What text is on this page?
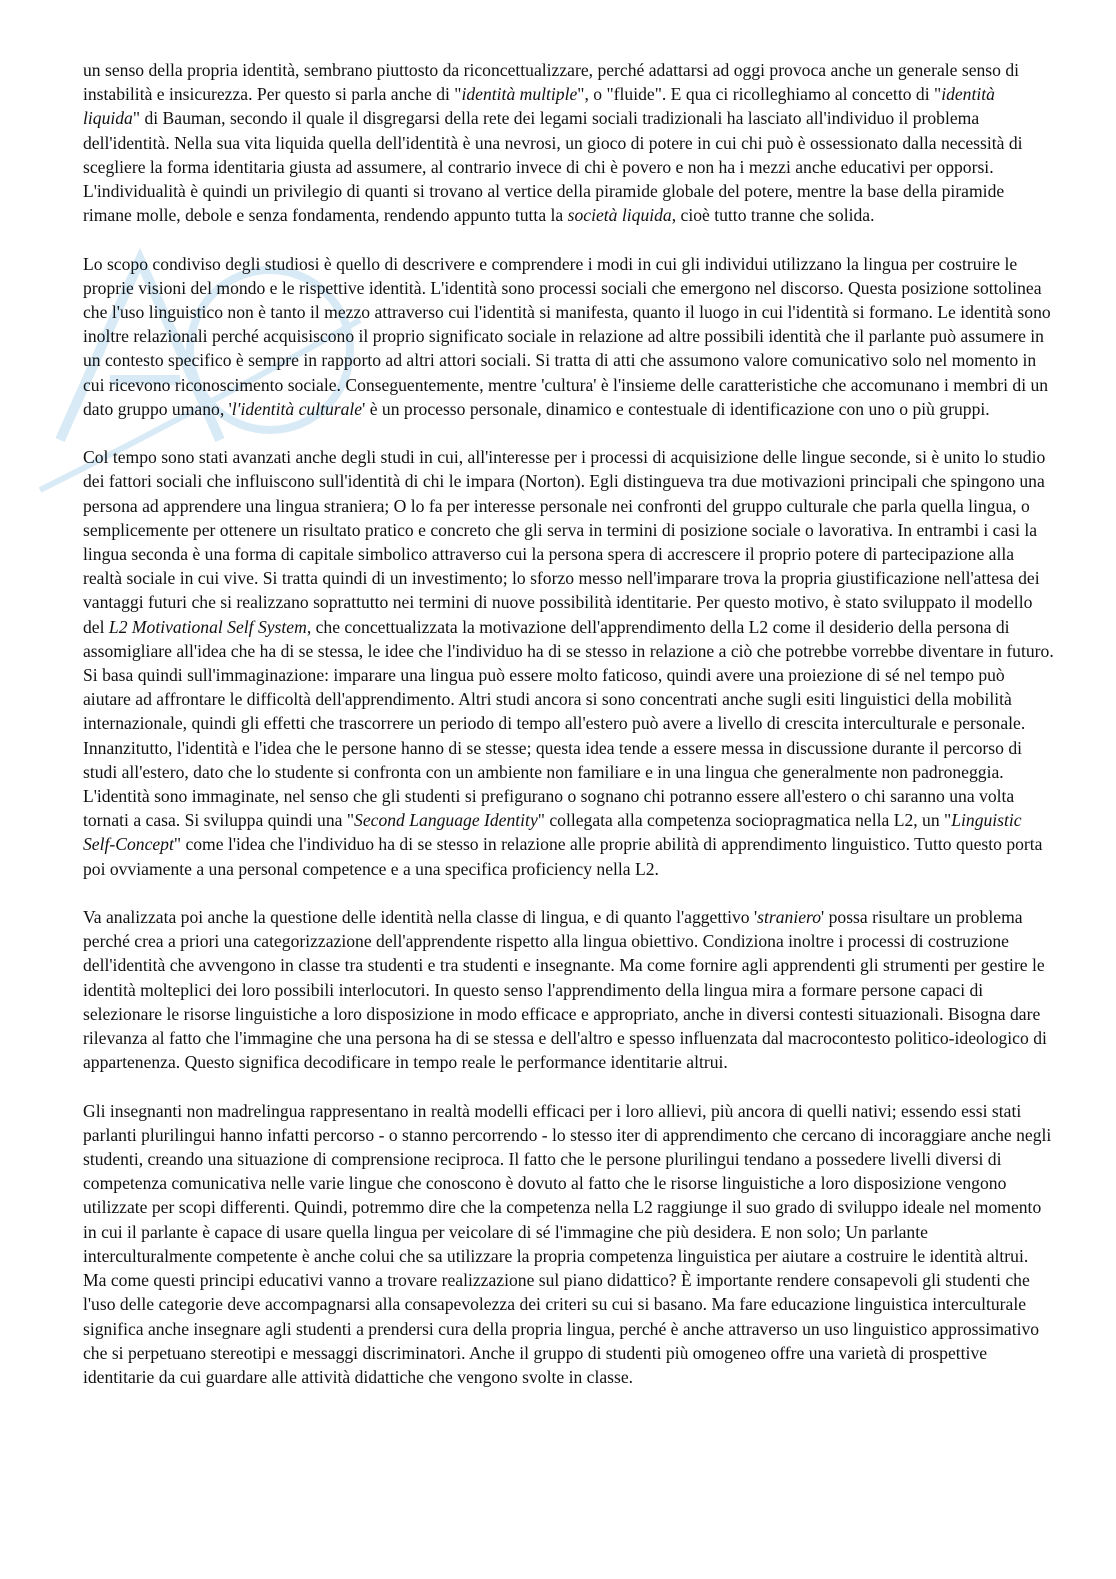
un senso della propria identità, sembrano piuttosto da riconcettualizzare, perché adattarsi ad oggi provoca anche un generale senso di instabilità e insicurezza. Per questo si parla anche di "identità multiple", o "fluide". E qua ci ricolleghiamo al concetto di "identità liquida" di Bauman, secondo il quale il disgregarsi della rete dei legami sociali tradizionali ha lasciato all'individuo il problema dell'identità. Nella sua vita liquida quella dell'identità è una nevrosi, un gioco di potere in cui chi può è ossessionato dalla necessità di scegliere la forma identitaria giusta ad assumere, al contrario invece di chi è povero e non ha i mezzi anche educativi per opporsi. L'individualità è quindi un privilegio di quanti si trovano al vertice della piramide globale del potere, mentre la base della piramide rimane molle, debole e senza fondamenta, rendendo appunto tutta la società liquida, cioè tutto tranne che solida.

Lo scopo condiviso degli studiosi è quello di descrivere e comprendere i modi in cui gli individui utilizzano la lingua per costruire le proprie visioni del mondo e le rispettive identità. L'identità sono processi sociali che emergono nel discorso. Questa posizione sottolinea che l'uso linguistico non è tanto il mezzo attraverso cui l'identità si manifesta, quanto il luogo in cui l'identità si formano. Le identità sono inoltre relazionali perché acquisiscono il proprio significato sociale in relazione ad altre possibili identità che il parlante può assumere in un contesto specifico è sempre in rapporto ad altri attori sociali. Si tratta di atti che assumono valore comunicativo solo nel momento in cui ricevono riconoscimento sociale. Conseguentemente, mentre 'cultura' è l'insieme delle caratteristiche che accomunano i membri di un dato gruppo umano, 'l'identità culturale' è un processo personale, dinamico e contestuale di identificazione con uno o più gruppi.

Col tempo sono stati avanzati anche degli studi in cui, all'interesse per i processi di acquisizione delle lingue seconde, si è unito lo studio dei fattori sociali che influiscono sull'identità di chi le impara (Norton). Egli distingueva tra due motivazioni principali che spingono una persona ad apprendere una lingua straniera; O lo fa per interesse personale nei confronti del gruppo culturale che parla quella lingua, o semplicemente per ottenere un risultato pratico e concreto che gli serva in termini di posizione sociale o lavorativa. In entrambi i casi la lingua seconda è una forma di capitale simbolico attraverso cui la persona spera di accrescere il proprio potere di partecipazione alla realtà sociale in cui vive. Si tratta quindi di un investimento; lo sforzo messo nell'imparare trova la propria giustificazione nell'attesa dei vantaggi futuri che si realizzano soprattutto nei termini di nuove possibilità identitarie. Per questo motivo, è stato sviluppato il modello del L2 Motivational Self System, che concettualizzata la motivazione dell'apprendimento della L2 come il desiderio della persona di assomigliare all'idea che ha di se stessa, le idee che l'individuo ha di se stesso in relazione a ciò che potrebbe vorrebbe diventare in futuro. Si basa quindi sull'immaginazione: imparare una lingua può essere molto faticoso, quindi avere una proiezione di sé nel tempo può aiutare ad affrontare le difficoltà dell'apprendimento. Altri studi ancora si sono concentrati anche sugli esiti linguistici della mobilità internazionale, quindi gli effetti che trascorrere un periodo di tempo all'estero può avere a livello di crescita interculturale e personale. Innanzitutto, l'identità e l'idea che le persone hanno di se stesse; questa idea tende a essere messa in discussione durante il percorso di studi all'estero, dato che lo studente si confronta con un ambiente non familiare e in una lingua che generalmente non padroneggia. L'identità sono immaginate, nel senso che gli studenti si prefigurano o sognano chi potranno essere all'estero o chi saranno una volta tornati a casa. Si sviluppa quindi una "Second Language Identity" collegata alla competenza sociopragmatica nella L2, un "Linguistic Self-Concept" come l'idea che l'individuo ha di se stesso in relazione alle proprie abilità di apprendimento linguistico. Tutto questo porta poi ovviamente a una personal competence e a una specifica proficiency nella L2.

Va analizzata poi anche la questione delle identità nella classe di lingua, e di quanto l'aggettivo 'straniero' possa risultare un problema perché crea a priori una categorizzazione dell'apprendente rispetto alla lingua obiettivo. Condiziona inoltre i processi di costruzione dell'identità che avvengono in classe tra studenti e tra studenti e insegnante. Ma come fornire agli apprendenti gli strumenti per gestire le identità molteplici dei loro possibili interlocutori. In questo senso l'apprendimento della lingua mira a formare persone capaci di selezionare le risorse linguistiche a loro disposizione in modo efficace e appropriato, anche in diversi contesti situazionali. Bisogna dare rilevanza al fatto che l'immagine che una persona ha di se stessa e dell'altro e spesso influenzata dal macrocontesto politico-ideologico di appartenenza. Questo significa decodificare in tempo reale le performance identitarie altrui.

Gli insegnanti non madrelingua rappresentano in realtà modelli efficaci per i loro allievi, più ancora di quelli nativi; essendo essi stati parlanti plurilingui hanno infatti percorso - o stanno percorrendo - lo stesso iter di apprendimento che cercano di incoraggiare anche negli studenti, creando una situazione di comprensione reciproca. Il fatto che le persone plurilingui tendano a possedere livelli diversi di competenza comunicativa nelle varie lingue che conoscono è dovuto al fatto che le risorse linguistiche a loro disposizione vengono utilizzate per scopi differenti. Quindi, potremmo dire che la competenza nella L2 raggiunge il suo grado di sviluppo ideale nel momento in cui il parlante è capace di usare quella lingua per veicolare di sé l'immagine che più desidera. E non solo; Un parlante interculturalmente competente è anche colui che sa utilizzare la propria competenza linguistica per aiutare a costruire le identità altrui. Ma come questi principi educativi vanno a trovare realizzazione sul piano didattico? È importante rendere consapevoli gli studenti che l'uso delle categorie deve accompagnarsi alla consapevolezza dei criteri su cui si basano. Ma fare educazione linguistica interculturale significa anche insegnare agli studenti a prendersi cura della propria lingua, perché è anche attraverso un uso linguistico approssimativo che si perpetuano stereotipi e messaggi discriminatori. Anche il gruppo di studenti più omogeneo offre una varietà di prospettive identitarie da cui guardare alle attività didattiche che vengono svolte in classe.
